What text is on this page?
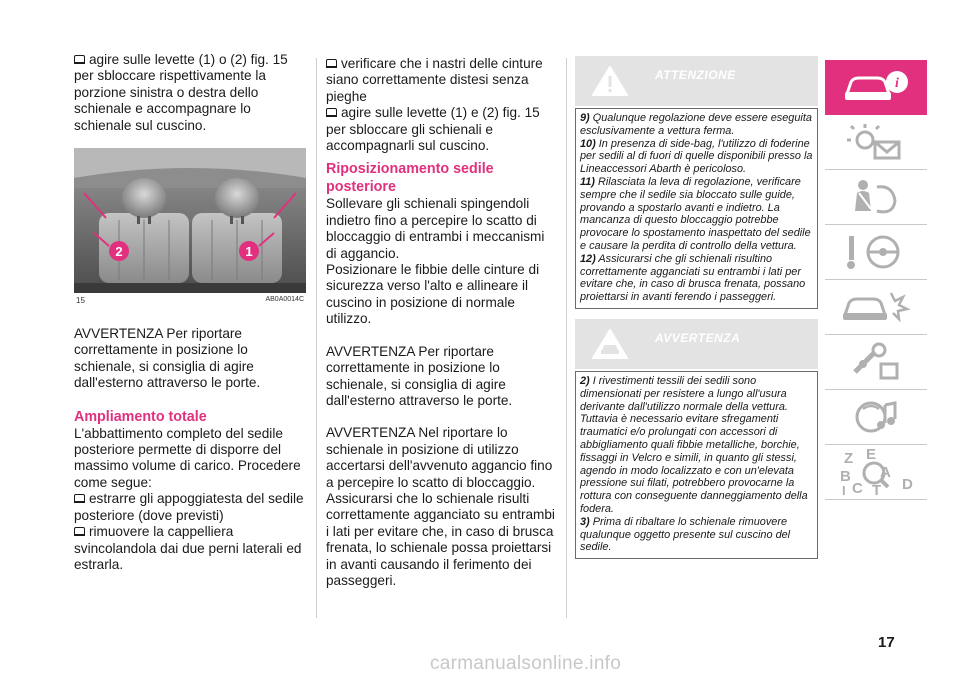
agire sulle levette (1) o (2) fig. 15 per sbloccare rispettivamente la porzione sinistra o destra dello schienale e accompagnare lo schienale sul cuscino.
2	1
15	AB0A0014C
AVVERTENZA Per riportare correttamente in posizione lo schienale, si consiglia di agire dall'esterno attraverso le porte.
Ampliamento totale
L'abbattimento completo del sedile posteriore permette di disporre del massimo volume di carico. Procedere come segue:
estrarre gli appoggiatesta del sedile posteriore (dove previsti)
rimuovere la cappelliera svincolandola dai due perni laterali ed estrarla.
verificare che i nastri delle cinture siano correttamente distesi senza pieghe
agire sulle levette (1) e (2) fig. 15 per sbloccare gli schienali e accompagnarli sul cuscino.
Riposizionamento sedile posteriore
Sollevare gli schienali spingendoli indietro fino a percepire lo scatto di bloccaggio di entrambi i meccanismi di aggancio.
Posizionare le fibbie delle cinture di sicurezza verso l'alto e allineare il cuscino in posizione di normale utilizzo.
AVVERTENZA Per riportare correttamente in posizione lo schienale, si consiglia di agire dall'esterno attraverso le porte.
AVVERTENZA Nel riportare lo schienale in posizione di utilizzo accertarsi dell'avvenuto aggancio fino a percepire lo scatto di bloccaggio. Assicurarsi che lo schienale risulti correttamente agganciato su entrambi i lati per evitare che, in caso di brusca frenata, lo schienale possa proiettarsi in avanti causando il ferimento dei passeggeri.
ATTENZIONE
9) Qualunque regolazione deve essere eseguita esclusivamente a vettura ferma.
10) In presenza di side-bag, l'utilizzo di foderine per sedili al di fuori di quelle disponibili presso la Lineaccessori Abarth è pericoloso.
11) Rilasciata la leva di regolazione, verificare sempre che il sedile sia bloccato sulle guide, provando a spostarlo avanti e indietro. La mancanza di questo bloccaggio potrebbe provocare lo spostamento inaspettato del sedile e causare la perdita di controllo della vettura.
12) Assicurarsi che gli schienali risultino correttamente agganciati su entrambi i lati per evitare che, in caso di brusca frenata, possano proiettarsi in avanti ferendo i passeggeri.
AVVERTENZA
2) I rivestimenti tessili dei sedili sono dimensionati per resistere a lungo all'usura derivante dall'utilizzo normale della vettura. Tuttavia è necessario evitare sfregamenti traumatici e/o prolungati con accessori di abbigliamento quali fibbie metalliche, borchie, fissaggi in Velcro e simili, in quanto gli stessi, agendo in modo localizzato e con un'elevata pressione sui filati, potrebbero provocarne la rottura con conseguente danneggiamento della fodera.
3) Prima di ribaltare lo schienale rimuovere qualunque oggetto presente sul cuscino del sedile.
i
Z E
B A
C	D
T
I
17
carmanualsonline.info
